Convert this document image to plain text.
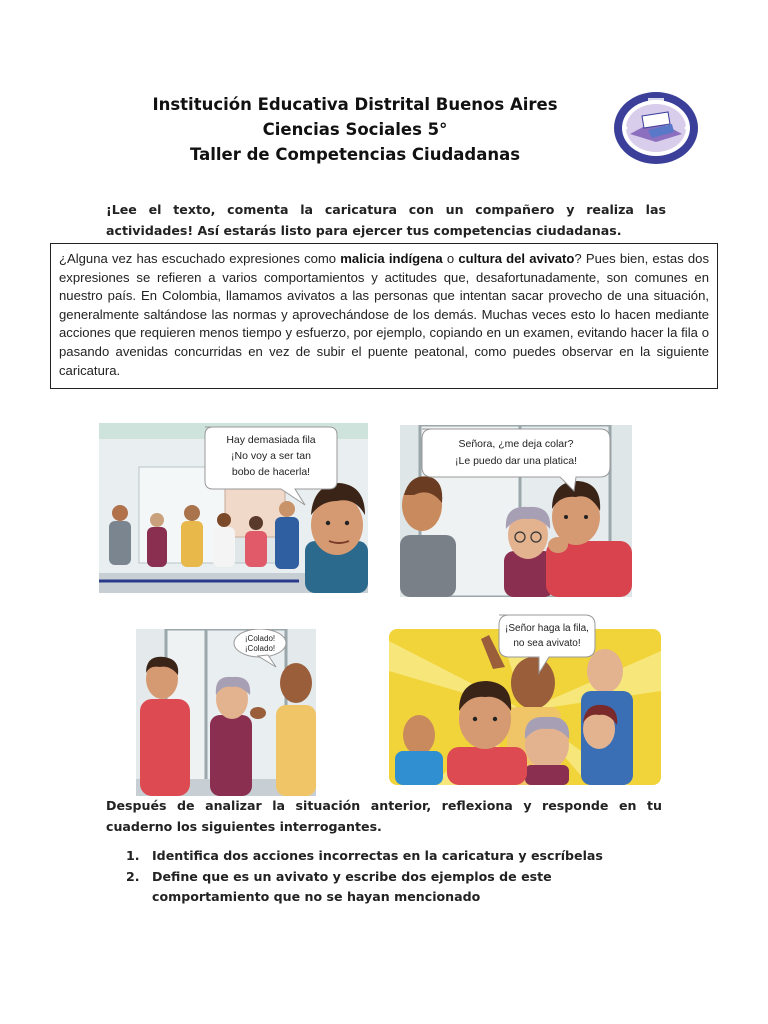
Institución Educativa Distrital Buenos Aires
Ciencias Sociales 5°
Taller de Competencias Ciudadanas
¡Lee el texto, comenta la caricatura con un compañero y realiza las actividades! Así estarás listo para ejercer tus competencias ciudadanas.
¿Alguna vez has escuchado expresiones como malicia indígena o cultura del avivato? Pues bien, estas dos expresiones se refieren a varios comportamientos y actitudes que, desafortunadamente, son comunes en nuestro país. En Colombia, llamamos avivatos a las personas que intentan sacar provecho de una situación, generalmente saltándose las normas y aprovechándose de los demás. Muchas veces esto lo hacen mediante acciones que requieren menos tiempo y esfuerzo, por ejemplo, copiando en un examen, evitando hacer la fila o pasando avenidas concurridas en vez de subir el puente peatonal, como puedes observar en la siguiente caricatura.
Hay demasiada fila
¡No voy a ser tan
bobo de hacerla!
Señora, ¿me deja colar?
¡Le puedo dar una platica!
¡Colado!
¡Colado!
¡Señor haga la fila,
no sea avivato!
Después de analizar la situación anterior, reflexiona y responde en tu cuaderno los siguientes interrogantes.
1. Identifica dos acciones incorrectas en la caricatura y escríbelas
2. Define que es un avivato y escribe dos ejemplos de este comportamiento que no se hayan mencionado
